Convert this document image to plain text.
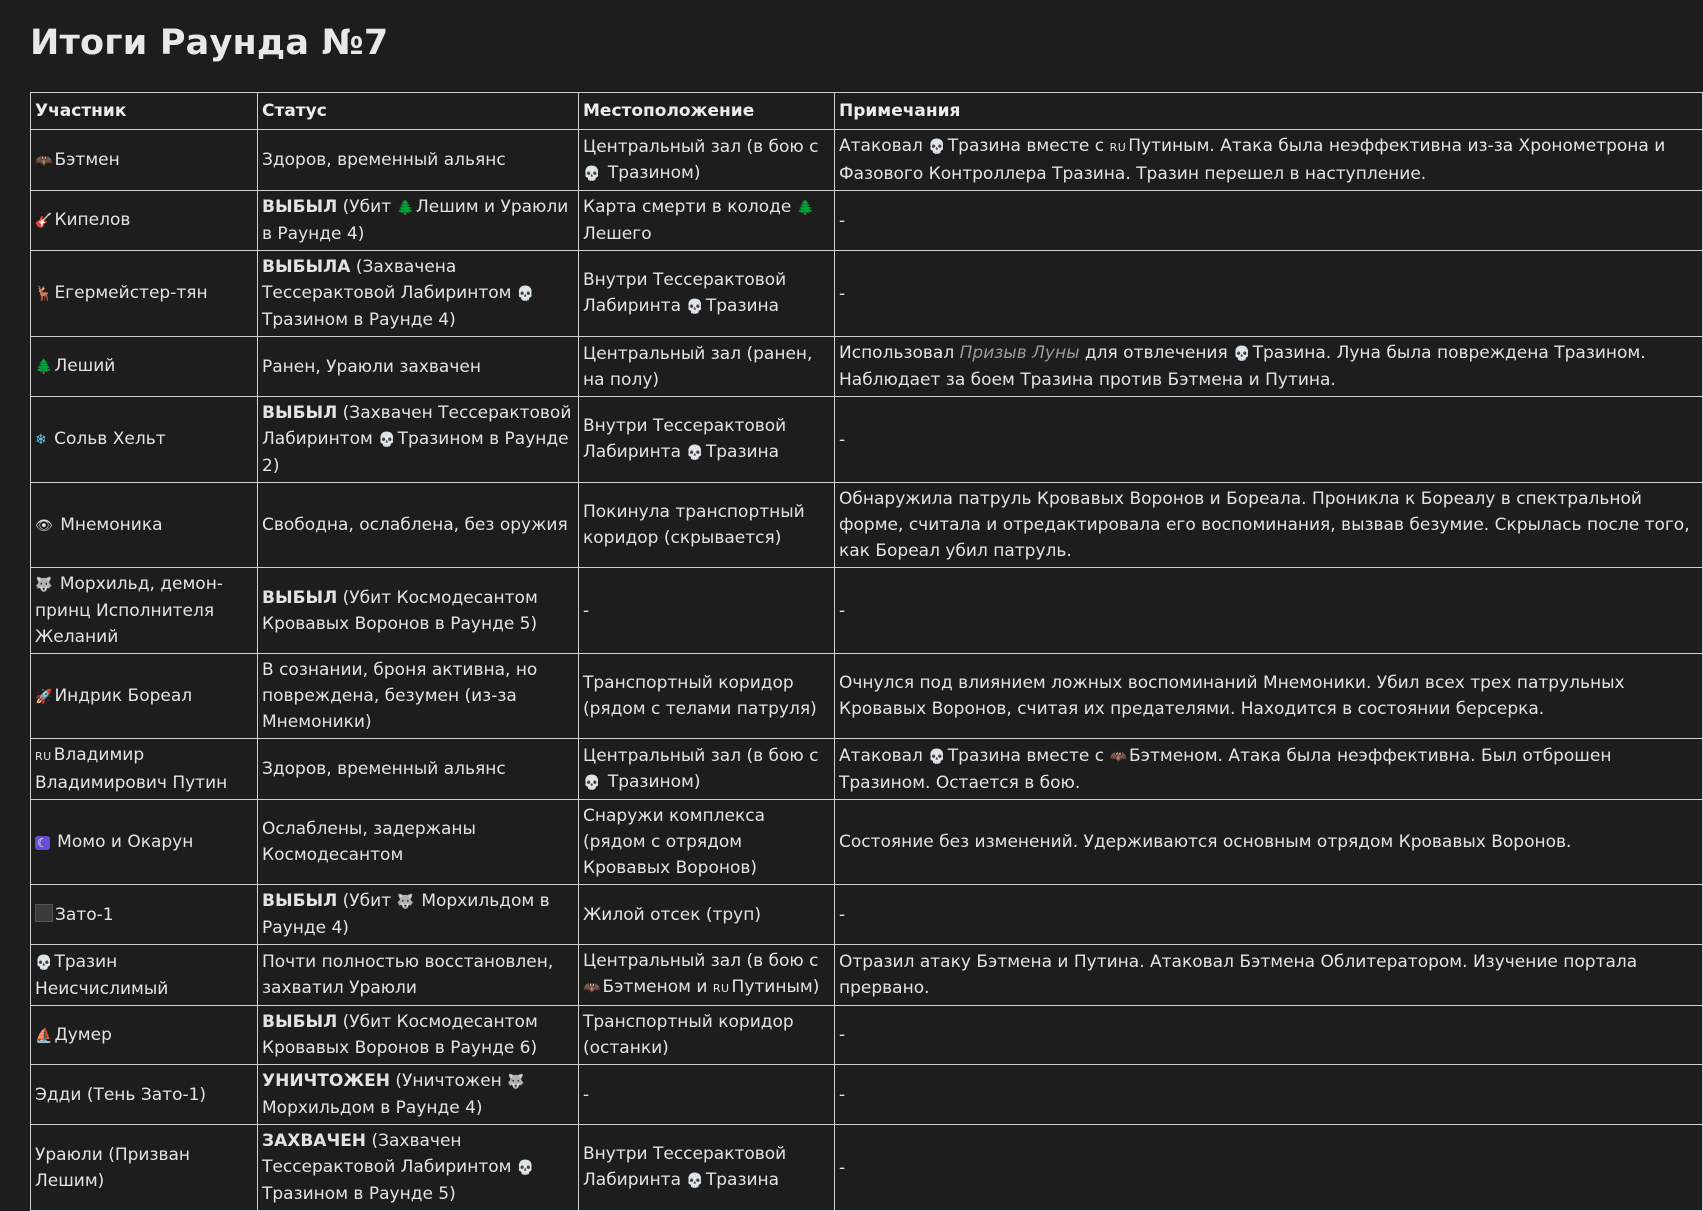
Итоги Раунда №7
Участник	Статус	Местоположение	Примечания
🦇 Бэтмен	Здоров, временный альянс	Центральный зал (в бою с 💀 Тразином)	Атаковал 💀 Тразина вместе с RU Путиным. Атака была неэффективна из-за Хронометрона и Фазового Контроллера Тразина. Тразин перешел в наступление.
🎸 Кипелов	ВЫБЫЛ (Убит 🌲 Лешим и Ураюли в Раунде 4)	Карта смерти в колоде 🌲 Лешего	-
🦌 Егермейстер-тян	ВЫБЫЛА (Захвачена Тессерактовой Лабиринтом 💀Тразином в Раунде 4)	Внутри Тессерактовой Лабиринта 💀 Тразина	-
🌲 Леший	Ранен, Ураюли захвачен	Центральный зал (ранен, на полу)	Использовал Призыв Луны для отвлечения 💀 Тразина. Луна была повреждена Тразином. Наблюдает за боем Тразина против Бэтмена и Путина.
❄ Сольв Хельт	ВЫБЫЛ (Захвачен Тессерактовой Лабиринтом 💀 Тразином в Раунде 2)	Внутри Тессерактовой Лабиринта 💀 Тразина	-
👁 Мнемоника	Свободна, ослаблена, без оружия	Покинула транспортный коридор (скрывается)	Обнаружила патруль Кровавых Воронов и Бореала. Проникла к Бореалу в спектральной форме, считала и отредактировала его воспоминания, вызвав безумие. Скрылась после того, как Бореал убил патруль.
🐺 Морхильд, демон-принц Исполнителя Желаний	ВЫБЫЛ (Убит Космодесантом Кровавых Воронов в Раунде 5)	-	-
🚀 Индрик Бореал	В сознании, броня активна, но повреждена, безумен (из-за Мнемоники)	Транспортный коридор (рядом с телами патруля)	Очнулся под влиянием ложных воспоминаний Мнемоники. Убил всех трех патрульных Кровавых Воронов, считая их предателями. Находится в состоянии берсерка.
RU Владимир Владимирович Путин	Здоров, временный альянс	Центральный зал (в бою с 💀 Тразином)	Атаковал 💀 Тразина вместе с 🦇 Бэтменом. Атака была неэффективна. Был отброшен Тразином. Остается в бою.
☾ Момо и Окарун	Ослаблены, задержаны Космодесантом	Снаружи комплекса (рядом с отрядом Кровавых Воронов)	Состояние без изменений. Удерживаются основным отрядом Кровавых Воронов.
Зато-1	ВЫБЫЛ (Убит 🐺 Морхильдом в Раунде 4)	Жилой отсек (труп)	-
💀 Тразин Неисчислимый	Почти полностью восстановлен, захватил Ураюли	Центральный зал (в бою с 🦇 Бэтменом и RU Путиным)	Отразил атаку Бэтмена и Путина. Атаковал Бэтмена Облитератором. Изучение портала прервано.
⛵ Думер	ВЫБЫЛ (Убит Космодесантом Кровавых Воронов в Раунде 6)	Транспортный коридор (останки)	-
Эдди (Тень Зато-1)	УНИЧТОЖЕН (Уничтожен 🐺 Морхильдом в Раунде 4)	-	-
Ураюли (Призван Лешим)	ЗАХВАЧЕН (Захвачен Тессерактовой Лабиринтом 💀Тразином в Раунде 5)	Внутри Тессерактовой Лабиринта 💀 Тразина	-
